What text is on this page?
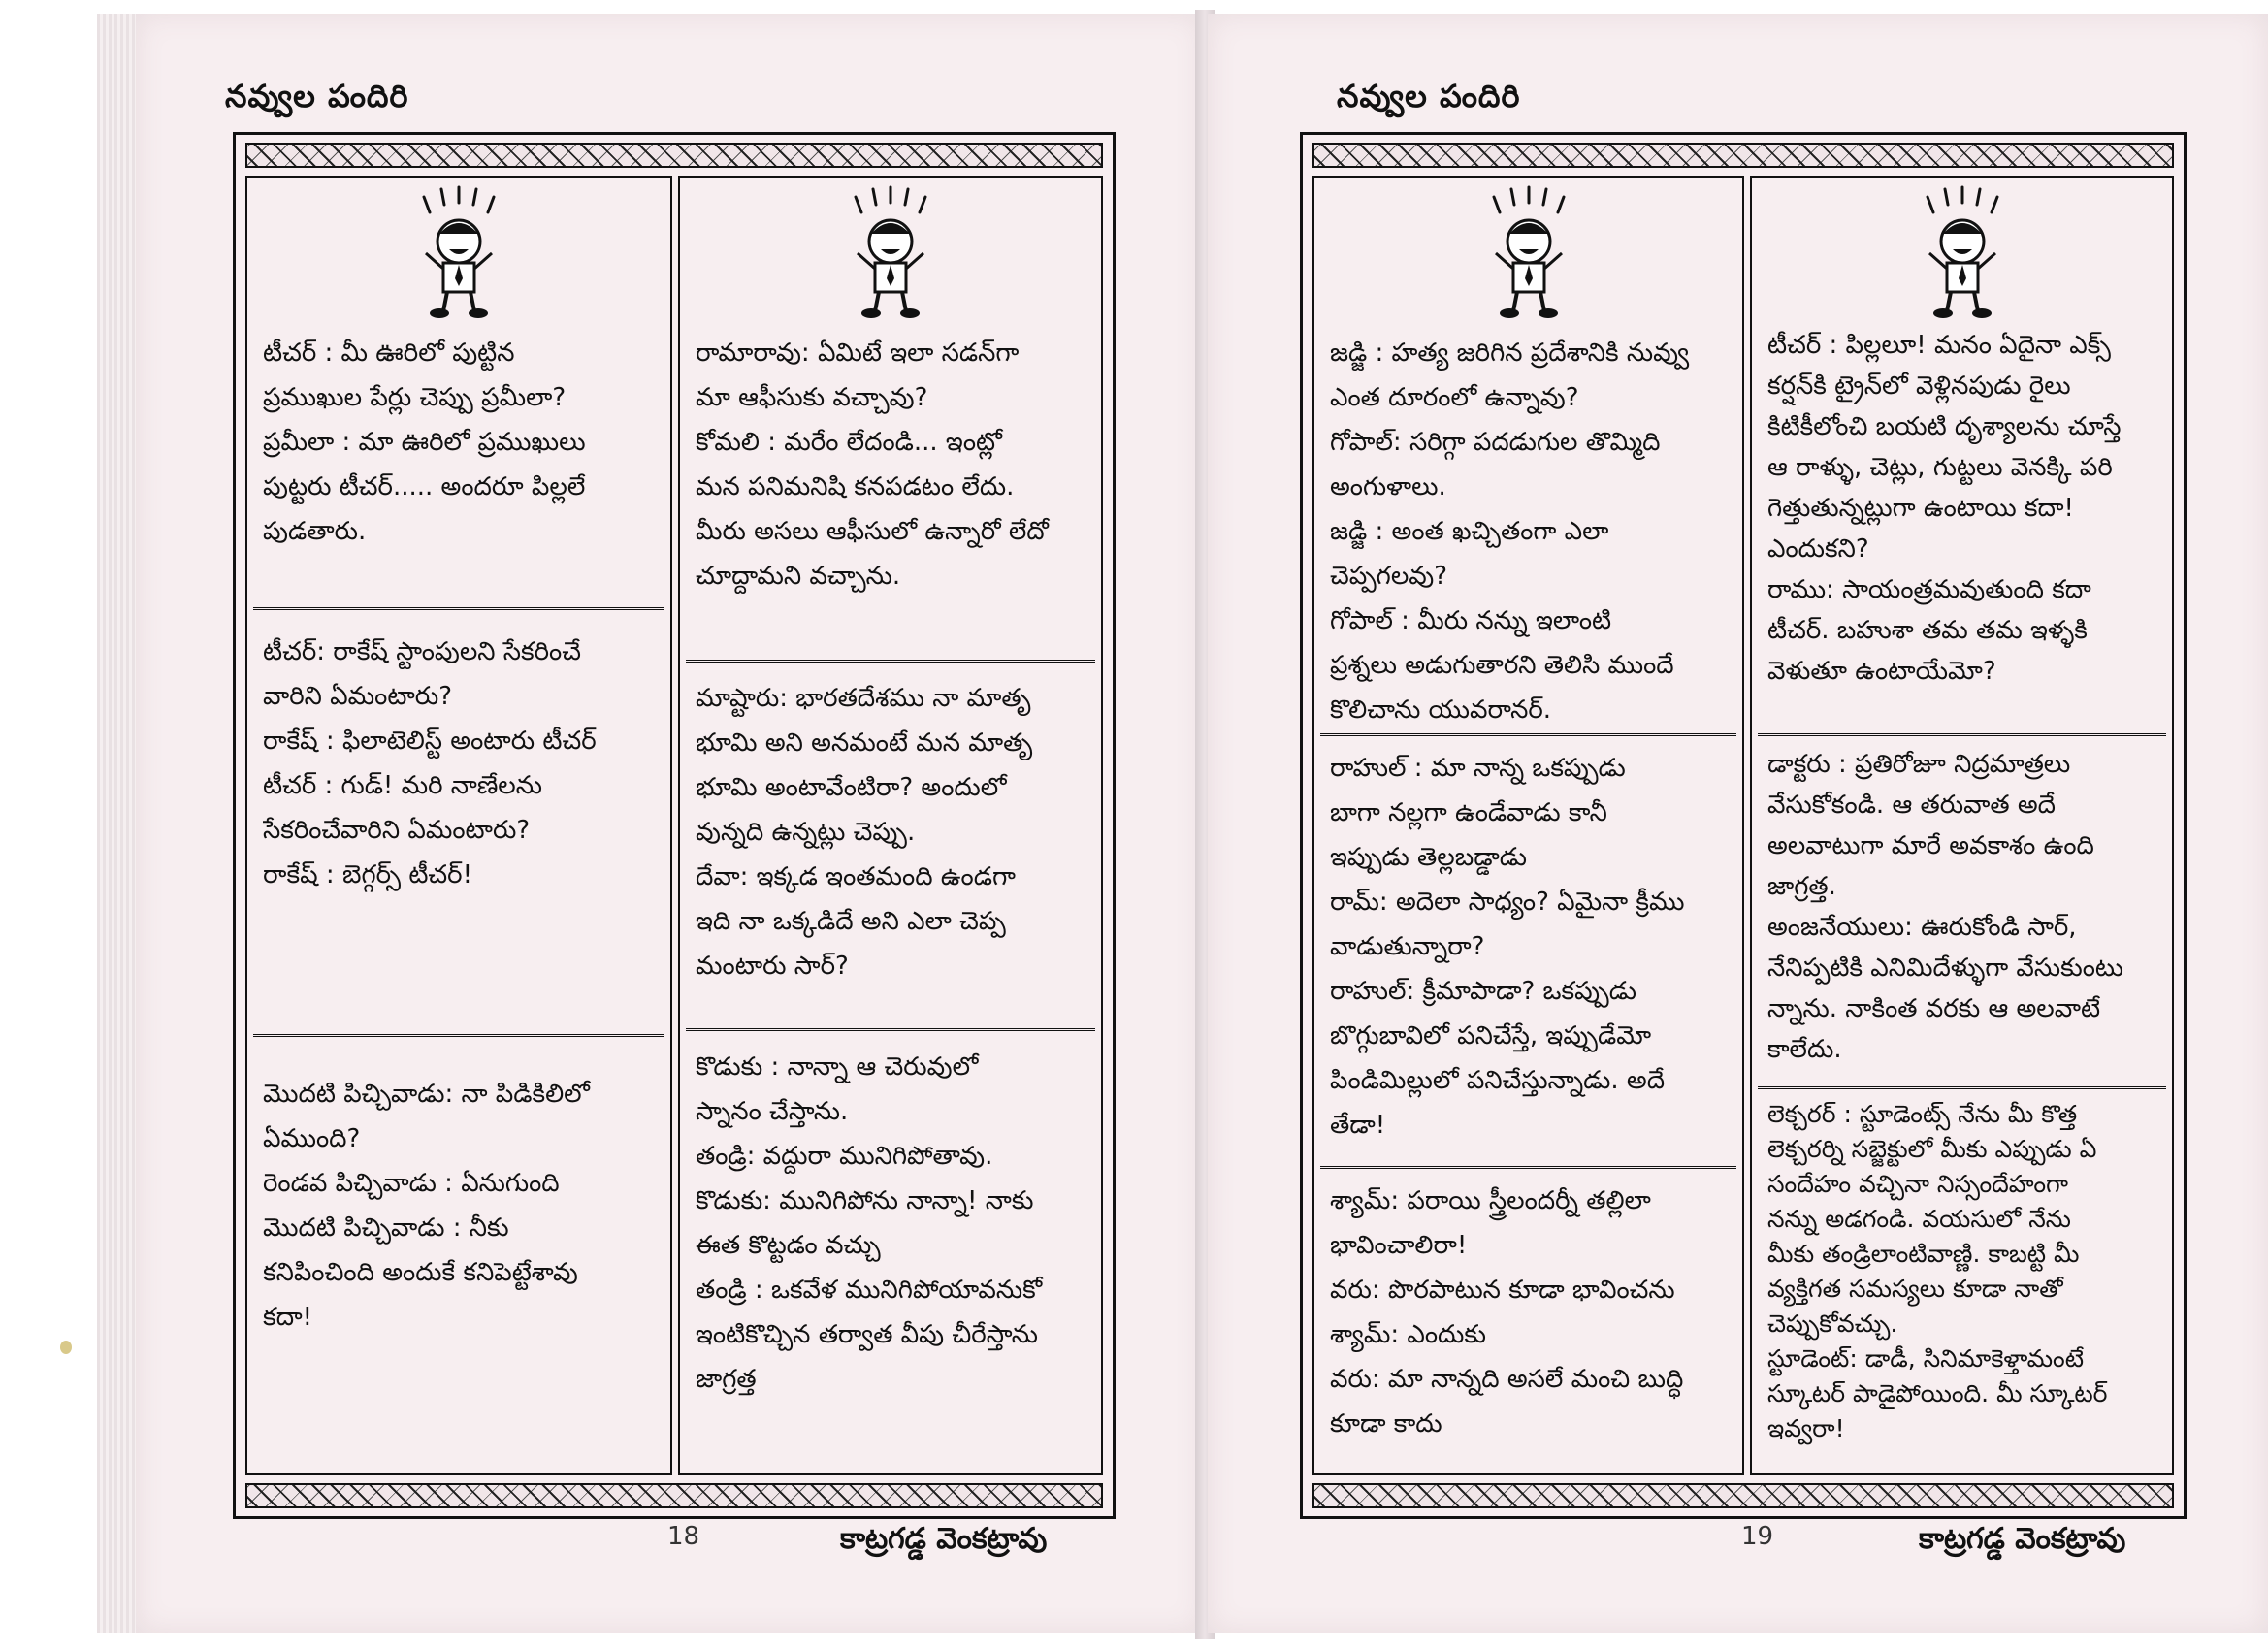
నవ్వుల పందిరి
టీచర్ : మీ ఊరిలో పుట్టిన
ప్రముఖుల పేర్లు చెప్పు ప్రమీలా?
ప్రమీలా : మా ఊరిలో ప్రముఖులు
పుట్టరు టీచర్..... అందరూ పిల్లలే
పుడతారు.
టీచర్: రాకేష్ స్టాంపులని సేకరించే
వారిని ఏమంటారు?
రాకేష్ : ఫిలాటెలిస్ట్ అంటారు టీచర్
టీచర్ : గుడ్! మరి నాణేలను
సేకరించేవారిని ఏమంటారు?
రాకేష్ : బెగ్గర్స్ టీచర్!
మొదటి పిచ్చివాడు: నా పిడికిలిలో
ఏముంది?
రెండవ పిచ్చివాడు : ఏనుగుంది
మొదటి పిచ్చివాడు : నీకు
కనిపించింది అందుకే కనిపెట్టేశావు
కదా!
రామారావు: ఏమిటే ఇలా సడన్‌గా
మా ఆఫీసుకు వచ్చావు?
కోమలి : మరేం లేదండి... ఇంట్లో
మన పనిమనిషి కనపడటం లేదు.
మీరు అసలు ఆఫీసులో ఉన్నారో లేదో
చూద్దామని వచ్చాను.
మాష్టారు: భారతదేశము నా మాతృ
భూమి అని అనమంటే మన మాతృ
భూమి అంటావేంటిరా? అందులో
వున్నది ఉన్నట్లు చెప్పు.
దేవా: ఇక్కడ ఇంతమంది ఉండగా
ఇది నా ఒక్కడిదే అని ఎలా చెప్ప
మంటారు సార్?
కొడుకు : నాన్నా ఆ చెరువులో
స్నానం చేస్తాను.
తండ్రి: వద్దురా మునిగిపోతావు.
కొడుకు: మునిగిపోను నాన్నా! నాకు
ఈత కొట్టడం వచ్చు
తండ్రి : ఒకవేళ మునిగిపోయావనుకో
ఇంటికొచ్చిన తర్వాత వీపు చీరేస్తాను
జాగ్రత్త
18	కాట్రగడ్డ వెంకట్రావు
నవ్వుల పందిరి
జడ్జి : హత్య జరిగిన ప్రదేశానికి నువ్వు
ఎంత దూరంలో ఉన్నావు?
గోపాల్: సరిగ్గా పదడుగుల తొమ్మిది
అంగుళాలు.
జడ్జి : అంత ఖచ్చితంగా ఎలా
చెప్పగలవు?
గోపాల్ : మీరు నన్ను ఇలాంటి
ప్రశ్నలు అడుగుతారని తెలిసి ముందే
కొలిచాను యువరానర్.
రాహుల్ : మా నాన్న ఒకప్పుడు
బాగా నల్లగా ఉండేవాడు కానీ
ఇప్పుడు తెల్లబడ్డాడు
రామ్: అదెలా సాధ్యం? ఏమైనా క్రీము
వాడుతున్నారా?
రాహుల్: క్రీమాపాడా? ఒకప్పుడు
బొగ్గుబావిలో పనిచేస్తే, ఇప్పుడేమో
పిండిమిల్లులో పనిచేస్తున్నాడు. అదే
తేడా!
శ్యామ్: పరాయి స్త్రీలందర్నీ తల్లిలా
భావించాలిరా!
వరు: పొరపాటున కూడా భావించను
శ్యామ్: ఎందుకు
వరు: మా నాన్నది అసలే మంచి బుద్ధి
కూడా కాదు
టీచర్ : పిల్లలూ! మనం ఏదైనా ఎక్స్
కర్షన్‌కి ట్రైన్‌లో వెళ్లినపుడు రైలు
కిటికీలోంచి బయటి దృశ్యాలను చూస్తే
ఆ రాళ్ళు, చెట్లు, గుట్టలు వెనక్కి పరి
గెత్తుతున్నట్లుగా ఉంటాయి కదా!
ఎందుకని?
రాము: సాయంత్రమవుతుంది కదా
టీచర్. బహుశా తమ తమ ఇళ్ళకి
వెళుతూ ఉంటాయేమో?
డాక్టరు : ప్రతిరోజూ నిద్రమాత్రలు
వేసుకోకండి. ఆ తరువాత అదే
అలవాటుగా మారే అవకాశం ఉంది
జాగ్రత్త.
అంజనేయులు: ఊరుకోండి సార్,
నేనిప్పటికి ఎనిమిదేళ్ళుగా వేసుకుంటు
న్నాను. నాకింత వరకు ఆ అలవాటే
కాలేదు.
లెక్చరర్ : స్టూడెంట్స్ నేను మీ కొత్త
లెక్చరర్ని సబ్జెక్టులో మీకు ఎప్పుడు ఏ
సందేహం వచ్చినా నిస్సందేహంగా
నన్ను అడగండి. వయసులో నేను
మీకు తండ్రిలాంటివాణ్ణి. కాబట్టి మీ
వ్యక్తిగత సమస్యలు కూడా నాతో
చెప్పుకోవచ్చు.
స్టూడెంట్: డాడీ, సినిమాకెళ్తామంటే
స్కూటర్ పాడైపోయింది. మీ స్కూటర్
ఇవ్వరా!
19	కాట్రగడ్డ వెంకట్రావు
